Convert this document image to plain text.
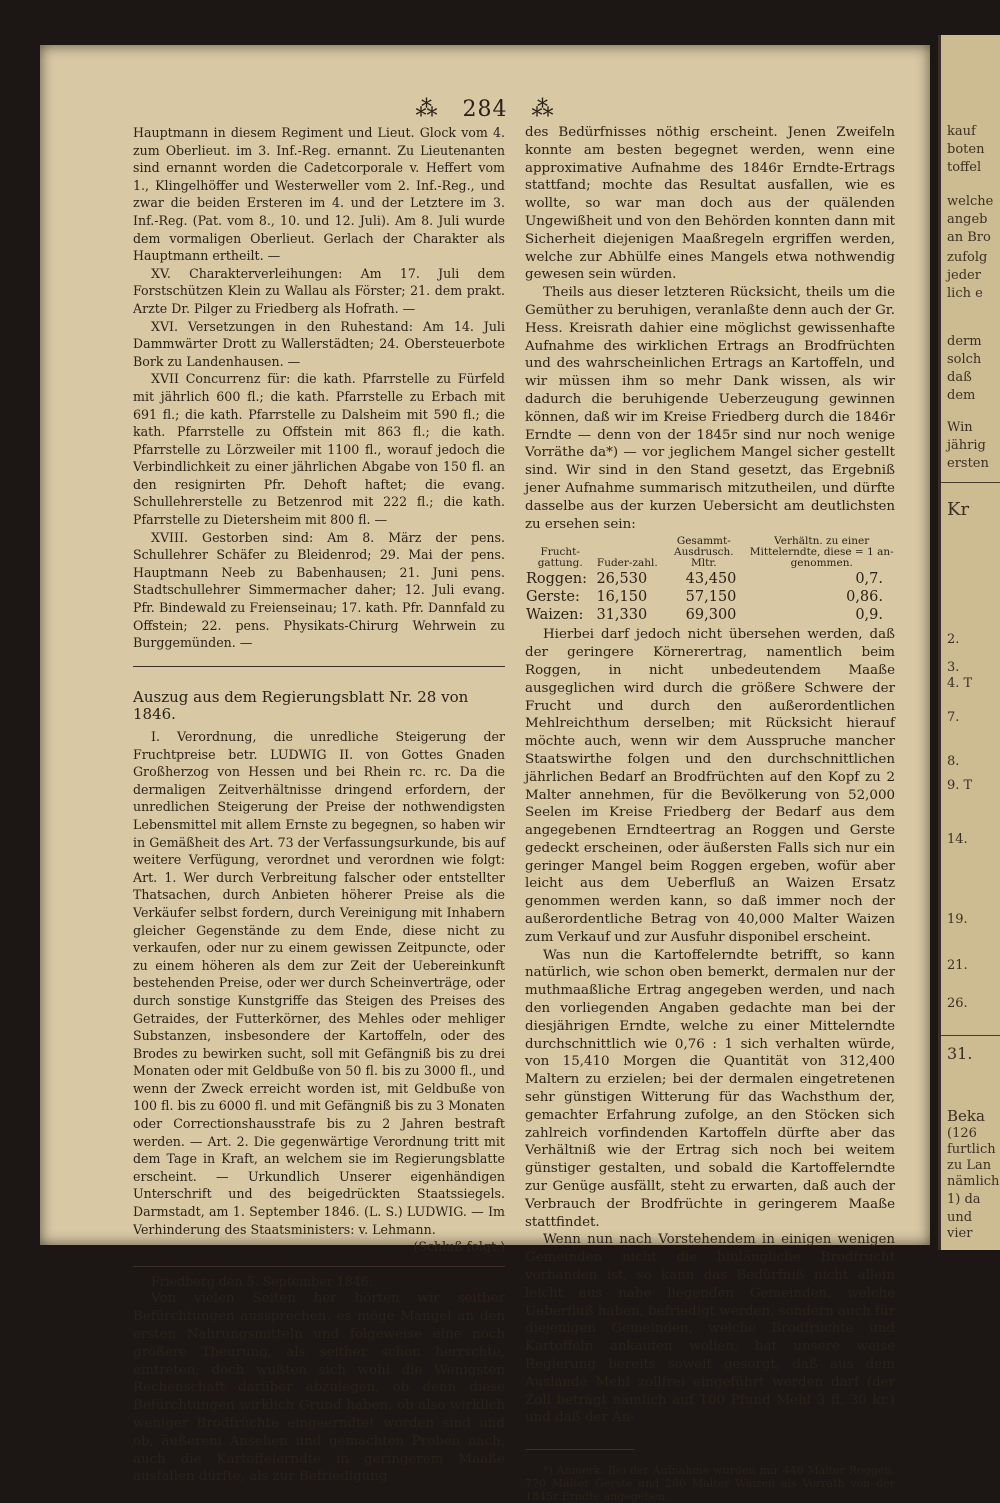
kauf
boten
toffel
welche
angeb
an Bro
zufolg
jeder
lich e
derm
solch
daß
dem
Win
jährig
ersten
Kr
2.
3.
4. T
7.
8.
9. T
14.
19.
21.
26.
31.
Beka
(126
furtlich
zu Lan
nämlich
1) da
und
vier
⁂ 284 ⁂

Hauptmann in diesem Regiment und Lieut. Glock vom 4. zum Oberlieut. im 3. Inf.-Reg. ernannt. Zu Lieutenanten sind ernannt worden die Cadetcorporale v. Heffert vom 1., Klingelhöffer und Westerweller vom 2. Inf.-Reg., und zwar die beiden Ersteren im 4. und der Letztere im 3. Inf.-Reg. (Pat. vom 8., 10. und 12. Juli). Am 8. Juli wurde dem vormaligen Oberlieut. Gerlach der Charakter als Hauptmann ertheilt. —

XV. Charakterverleihungen: Am 17. Juli dem Forstschützen Klein zu Wallau als Förster; 21. dem prakt. Arzte Dr. Pilger zu Friedberg als Hofrath. —

XVI. Versetzungen in den Ruhestand: Am 14. Juli Dammwärter Drott zu Wallerstädten; 24. Obersteuerbote Bork zu Landenhausen. —

XVII Concurrenz für: die kath. Pfarrstelle zu Fürfeld mit jährlich 600 fl.; die kath. Pfarrstelle zu Erbach mit 691 fl.; die kath. Pfarrstelle zu Dalsheim mit 590 fl.; die kath. Pfarrstelle zu Offstein mit 863 fl.; die kath. Pfarrstelle zu Lörzweiler mit 1100 fl., worauf jedoch die Verbindlichkeit zu einer jährlichen Abgabe von 150 fl. an den resignirten Pfr. Dehoft haftet; die evang. Schullehrerstelle zu Betzenrod mit 222 fl.; die kath. Pfarrstelle zu Dietersheim mit 800 fl. —

XVIII. Gestorben sind: Am 8. März der pens. Schullehrer Schäfer zu Bleidenrod; 29. Mai der pens. Hauptmann Neeb zu Babenhausen; 21. Juni pens. Stadtschullehrer Simmermacher daher; 12. Juli evang. Pfr. Bindewald zu Freienseinau; 17. kath. Pfr. Dannfald zu Offstein; 22. pens. Physikats-Chirurg Wehrwein zu Burggemünden. —

Auszug aus dem Regierungsblatt Nr. 28 von 1846.

I. Verordnung, die unredliche Steigerung der Fruchtpreise betr. LUDWIG II. von Gottes Gnaden Großherzog von Hessen und bei Rhein rc. rc. Da die dermaligen Zeitverhältnisse dringend erfordern, der unredlichen Steigerung der Preise der nothwendigsten Lebensmittel mit allem Ernste zu begegnen, so haben wir in Gemäßheit des Art. 73 der Verfassungsurkunde, bis auf weitere Verfügung, verordnet und verordnen wie folgt: Art. 1. Wer durch Verbreitung falscher oder entstellter Thatsachen, durch Anbieten höherer Preise als die Verkäufer selbst fordern, durch Vereinigung mit Inhabern gleicher Gegenstände zu dem Ende, diese nicht zu verkaufen, oder nur zu einem gewissen Zeitpuncte, oder zu einem höheren als dem zur Zeit der Uebereinkunft bestehenden Preise, oder wer durch Scheinverträge, oder durch sonstige Kunstgriffe das Steigen des Preises des Getraides, der Futterkörner, des Mehles oder mehliger Substanzen, insbesondere der Kartoffeln, oder des Brodes zu bewirken sucht, soll mit Gefängniß bis zu drei Monaten oder mit Geldbuße von 50 fl. bis zu 3000 fl., und wenn der Zweck erreicht worden ist, mit Geldbuße von 100 fl. bis zu 6000 fl. und mit Gefängniß bis zu 3 Monaten oder Correctionshausstrafe bis zu 2 Jahren bestraft werden. — Art. 2. Die gegenwärtige Verordnung tritt mit dem Tage in Kraft, an welchem sie im Regierungsblatte erscheint. — Urkundlich Unserer eigenhändigen Unterschrift und des beigedrückten Staatssiegels. Darmstadt, am 1. September 1846. (L. S.) LUDWIG. — Im Verhinderung des Staatsministers: v. Lehmann.

(Schluß folgt.)

Friedberg den 5. September 1846.

Von vielen Seiten her hörten wir seither Befürchtungen aussprechen, es möge Mangel an den ersten Nahrungsmitteln und folgeweise eine noch größere Theurung, als seither schon herrschte, eintreten; doch wußten sich wohl die Wenigsten Rechenschaft darüber abzulegen, ob denn diese Befürchtungen wirklich Grund haben, ob also wirklich weniger Brodfrüchte eingeerndtet worden sind und ob, äußerem Ansehen und gemachten Proben nach, auch die Kartoffelerndte in geringerem Maaße ausfallen dürfte, als zur Befriedigung

des Bedürfnisses nöthig erscheint. Jenen Zweifeln konnte am besten begegnet werden, wenn eine approximative Aufnahme des 1846r Erndte-Ertrags stattfand; mochte das Resultat ausfallen, wie es wollte, so war man doch aus der quälenden Ungewißheit und von den Behörden konnten dann mit Sicherheit diejenigen Maaßregeln ergriffen werden, welche zur Abhülfe eines Mangels etwa nothwendig gewesen sein würden.

Theils aus dieser letzteren Rücksicht, theils um die Gemüther zu beruhigen, veranlaßte denn auch der Gr. Hess. Kreisrath dahier eine möglichst gewissenhafte Aufnahme des wirklichen Ertrags an Brodfrüchten und des wahrscheinlichen Ertrags an Kartoffeln, und wir müssen ihm so mehr Dank wissen, als wir dadurch die beruhigende Ueberzeugung gewinnen können, daß wir im Kreise Friedberg durch die 1846r Erndte — denn von der 1845r sind nur noch wenige Vorräthe da*) — vor jeglichem Mangel sicher gestellt sind. Wir sind in den Stand gesetzt, das Ergebniß jener Aufnahme summarisch mitzutheilen, und dürfte dasselbe aus der kurzen Uebersicht am deutlichsten zu ersehen sein:

Frucht-gattung.	Fuder-zahl.	Gesammt-Ausdrusch. Mltr.	Verhältn. zu einer Mittelerndte, diese = 1 an-genommen.
Roggen:	26,530	43,450	0,7.
Gerste:	16,150	57,150	0,86.
Waizen:	31,330	69,300	0,9.

Hierbei darf jedoch nicht übersehen werden, daß der geringere Körnerertrag, namentlich beim Roggen, in nicht unbedeutendem Maaße ausgeglichen wird durch die größere Schwere der Frucht und durch den außerordentlichen Mehlreichthum derselben; mit Rücksicht hierauf möchte auch, wenn wir dem Ausspruche mancher Staatswirthe folgen und den durchschnittlichen jährlichen Bedarf an Brodfrüchten auf den Kopf zu 2 Malter annehmen, für die Bevölkerung von 52,000 Seelen im Kreise Friedberg der Bedarf aus dem angegebenen Erndteertrag an Roggen und Gerste gedeckt erscheinen, oder äußersten Falls sich nur ein geringer Mangel beim Roggen ergeben, wofür aber leicht aus dem Ueberfluß an Waizen Ersatz genommen werden kann, so daß immer noch der außerordentliche Betrag von 40,000 Malter Waizen zum Verkauf und zur Ausfuhr disponibel erscheint.

Was nun die Kartoffelerndte betrifft, so kann natürlich, wie schon oben bemerkt, dermalen nur der muthmaaßliche Ertrag angegeben werden, und nach den vorliegenden Angaben gedachte man bei der diesjährigen Erndte, welche zu einer Mittelerndte durchschnittlich wie 0,76 : 1 sich verhalten würde, von 15,410 Morgen die Quantität von 312,400 Maltern zu erzielen; bei der dermalen eingetretenen sehr günstigen Witterung für das Wachsthum der, gemachter Erfahrung zufolge, an den Stöcken sich zahlreich vorfindenden Kartoffeln dürfte aber das Verhältniß wie der Ertrag sich noch bei weitem günstiger gestalten, und sobald die Kartoffelerndte zur Genüge ausfällt, steht zu erwarten, daß auch der Verbrauch der Brodfrüchte in geringerem Maaße stattfindet.

Wenn nun nach Vorstehendem in einigen wenigen Gemeinden nicht die hinlängliche Brodfrucht vorhanden ist, so kann das Bedürfniß nicht allein leicht aus nahe liegenden Gemeinden, welche Ueberfluß haben, befriedigt werden, sondern auch für diejenigen Gemeinden, welche Brodfrüchte und Kartoffeln ankaufen wollen, hat unsere weise Regierung bereits soweit gesorgt, daß aus dem Auslande Mehl zollfrei eingeführt werden darf (der Zoll beträgt nämlich auf 100 Pfund Mehl 3 fl. 30 kr.) und daß der An-

*) Anmerk. Bei der Aufnahme wurden nur 440 Malter Roggen, 770 Malter Gerste und 280 Malter Waizen als Vorrath von der 1845r Erndte angegeben.
